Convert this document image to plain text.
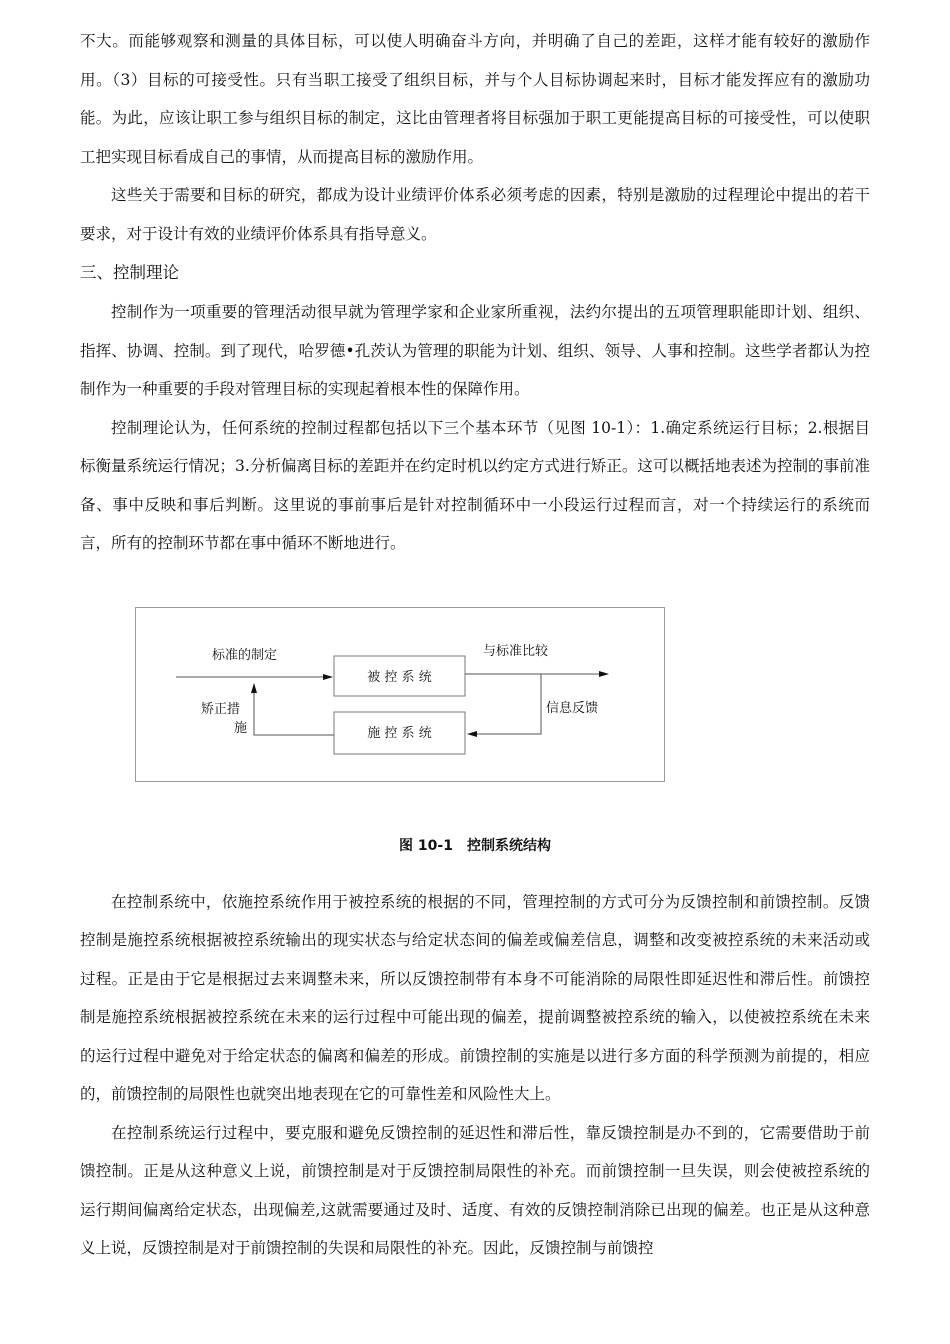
不大。而能够观察和测量的具体目标，可以使人明确奋斗方向，并明确了自己的差距，这样才能有较好的激励作用。（3）目标的可接受性。只有当职工接受了组织目标，并与个人目标协调起来时，目标才能发挥应有的激励功能。为此，应该让职工参与组织目标的制定，这比由管理者将目标强加于职工更能提高目标的可接受性，可以使职工把实现目标看成自己的事情，从而提高目标的激励作用。

这些关于需要和目标的研究，都成为设计业绩评价体系必须考虑的因素，特别是激励的过程理论中提出的若干要求，对于设计有效的业绩评价体系具有指导意义。

三、控制理论

控制作为一项重要的管理活动很早就为管理学家和企业家所重视，法约尔提出的五项管理职能即计划、组织、指挥、协调、控制。到了现代，哈罗德•孔茨认为管理的职能为计划、组织、领导、人事和控制。这些学者都认为控制作为一种重要的手段对管理目标的实现起着根本性的保障作用。

控制理论认为，任何系统的控制过程都包括以下三个基本环节（见图 10-1）：1.确定系统运行目标；2.根据目标衡量系统运行情况；3.分析偏离目标的差距并在约定时机以约定方式进行矫正。这可以概括地表述为控制的事前准备、事中反映和事后判断。这里说的事前事后是针对控制循环中一小段运行过程而言，对一个持续运行的系统而言，所有的控制环节都在事中循环不断地进行。

被 控 系 统
施 控 系 统
标准的制定	与标准比较
矫正措
施
信息反馈
图 10-1　控制系统结构

在控制系统中，依施控系统作用于被控系统的根据的不同，管理控制的方式可分为反馈控制和前馈控制。反馈控制是施控系统根据被控系统输出的现实状态与给定状态间的偏差或偏差信息，调整和改变被控系统的未来活动或过程。正是由于它是根据过去来调整未来，所以反馈控制带有本身不可能消除的局限性即延迟性和滞后性。前馈控制是施控系统根据被控系统在未来的运行过程中可能出现的偏差，提前调整被控系统的输入，以使被控系统在未来的运行过程中避免对于给定状态的偏离和偏差的形成。前馈控制的实施是以进行多方面的科学预测为前提的，相应的，前馈控制的局限性也就突出地表现在它的可靠性差和风险性大上。

在控制系统运行过程中，要克服和避免反馈控制的延迟性和滞后性，靠反馈控制是办不到的，它需要借助于前馈控制。正是从这种意义上说，前馈控制是对于反馈控制局限性的补充。而前馈控制一旦失误，则会使被控系统的运行期间偏离给定状态，出现偏差,这就需要通过及时、适度、有效的反馈控制消除已出现的偏差。也正是从这种意义上说，反馈控制是对于前馈控制的失误和局限性的补充。因此，反馈控制与前馈控
